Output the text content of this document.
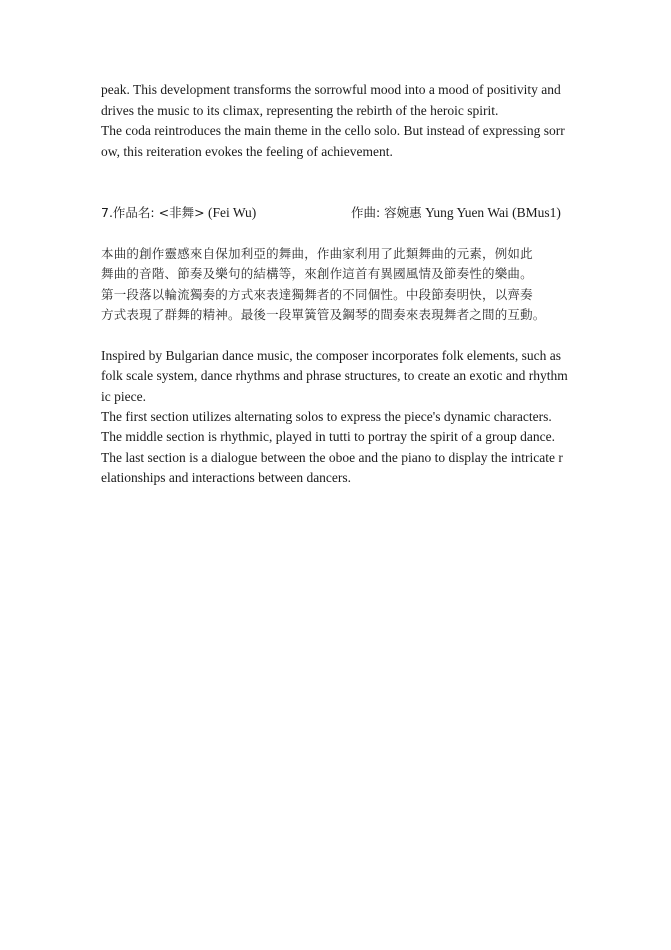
peak. This development transforms the sorrowful mood into a mood of positivity and
drives the music to its climax, representing the rebirth of the heroic spirit.
The coda reintroduces the main theme in the cello solo. But instead of expressing sorr
ow, this reiteration evokes the feeling of achievement.
7.作品名: <非舞> (Fei Wu)	作曲: 容婉惠 Yung Yuen Wai (BMus1)
本曲的創作靈感來自保加利亞的舞曲，作曲家利用了此類舞曲的元素，例如此
舞曲的音階、節奏及樂句的結構等，來創作這首有異國風情及節奏性的樂曲。
第一段落以輪流獨奏的方式來表達獨舞者的不同個性。中段節奏明快，以齊奏
方式表現了群舞的精神。最後一段單簧管及鋼琴的間奏來表現舞者之間的互動。
Inspired by Bulgarian dance music, the composer incorporates folk elements, such as
folk scale system, dance rhythms and phrase structures, to create an exotic and rhythm
ic piece.
The first section utilizes alternating solos to express the piece's dynamic characters.
The middle section is rhythmic, played in tutti to portray the spirit of a group dance.
The last section is a dialogue between the oboe and the piano to display the intricate r
elationships and interactions between dancers.
